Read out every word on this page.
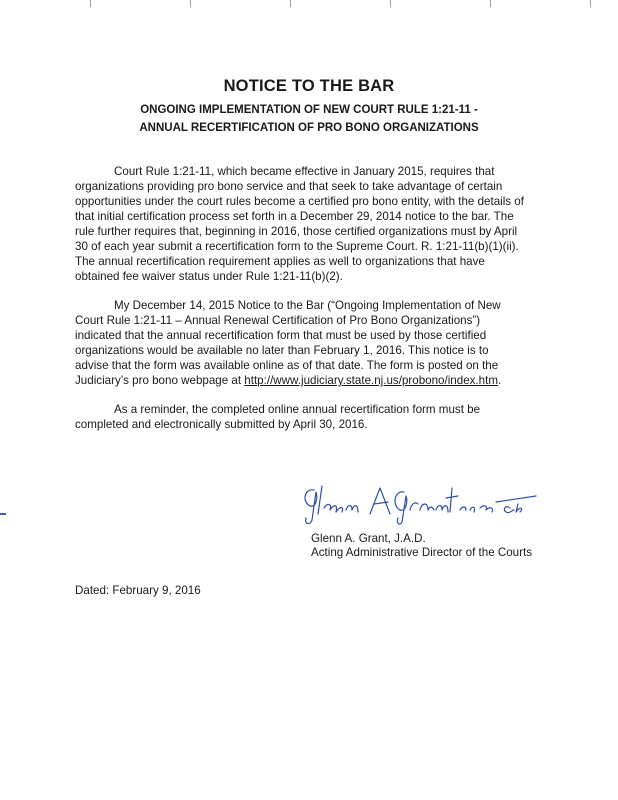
NOTICE TO THE BAR
ONGOING IMPLEMENTATION OF NEW COURT RULE 1:21-11 -
ANNUAL RECERTIFICATION OF PRO BONO ORGANIZATIONS
Court Rule 1:21-11, which became effective in January 2015, requires that
organizations providing pro bono service and that seek to take advantage of certain
opportunities under the court rules become a certified pro bono entity, with the details of
that initial certification process set forth in a December 29, 2014 notice to the bar. The
rule further requires that, beginning in 2016, those certified organizations must by April
30 of each year submit a recertification form to the Supreme Court. R. 1:21-11(b)(1)(ii).
The annual recertification requirement applies as well to organizations that have
obtained fee waiver status under Rule 1:21-11(b)(2).
My December 14, 2015 Notice to the Bar (“Ongoing Implementation of New
Court Rule 1:21-11 – Annual Renewal Certification of Pro Bono Organizations”)
indicated that the annual recertification form that must be used by those certified
organizations would be available no later than February 1, 2016. This notice is to
advise that the form was available online as of that date. The form is posted on the
Judiciary’s pro bono webpage at http://www.judiciary.state.nj.us/probono/index.htm.
As a reminder, the completed online annual recertification form must be
completed and electronically submitted by April 30, 2016.
Glenn A. Grant, J.A.D.
Acting Administrative Director of the Courts
Dated: February 9, 2016
